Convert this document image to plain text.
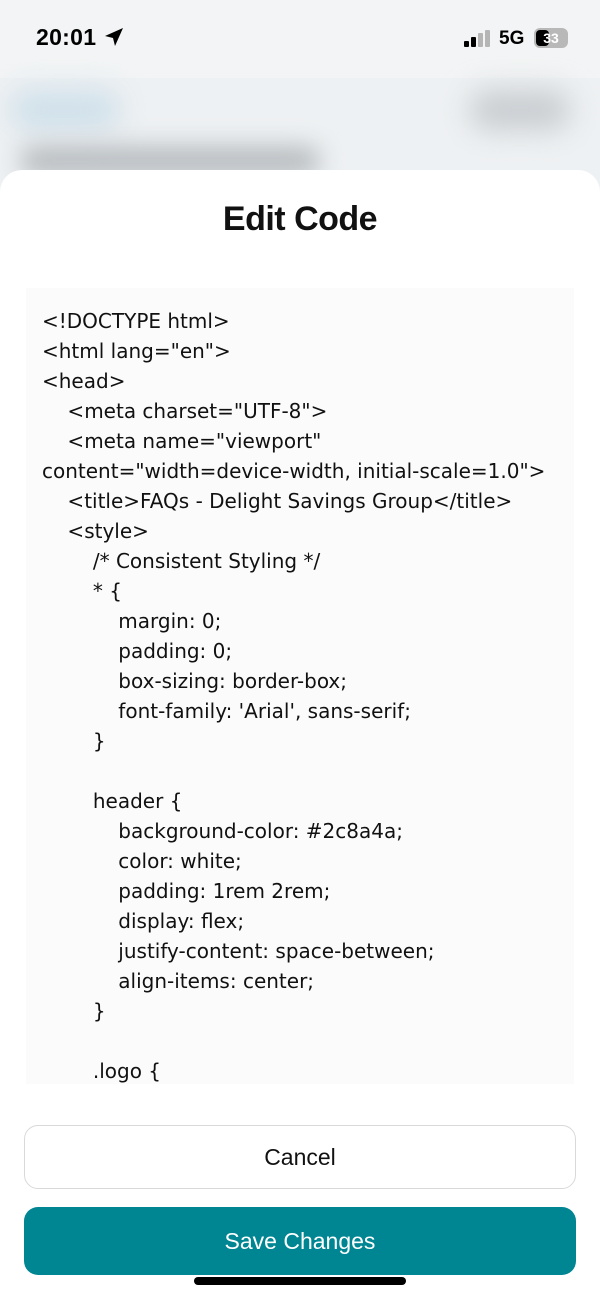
20:01	5G	33
Edit Code
<!DOCTYPE html>
<html lang="en">
<head>
<meta charset="UTF-8">
<meta name="viewport"
content="width=device-width, initial-scale=1.0">
<title>FAQs - Delight Savings Group</title>
<style>
/* Consistent Styling */
* {
margin: 0;
padding: 0;
box-sizing: border-box;
font-family: 'Arial', sans-serif;
}
header {
background-color: #2c8a4a;
color: white;
padding: 1rem 2rem;
display: flex;
justify-content: space-between;
align-items: center;
}
.logo {
Cancel
Save Changes
